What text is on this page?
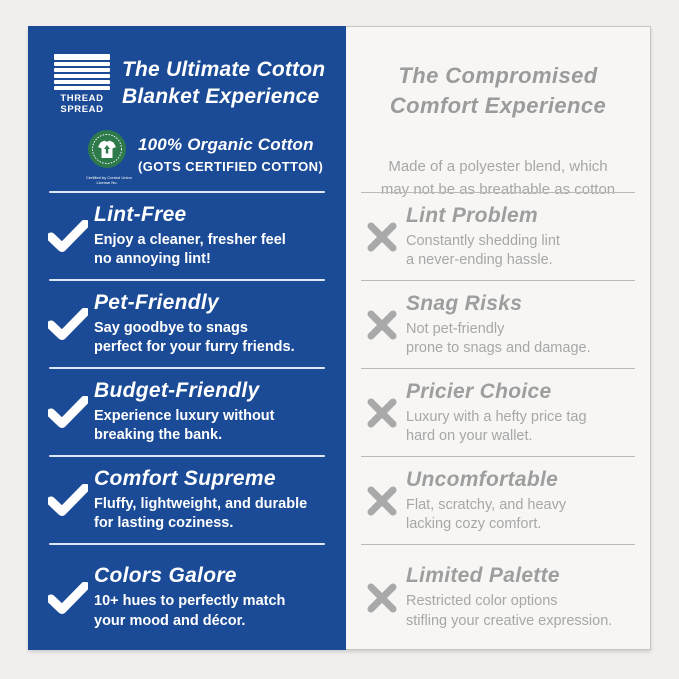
THREAD
SPREAD
The Ultimate Cotton
Blanket Experience
Certified by Control Union
License No.
100% Organic Cotton
(GOTS CERTIFIED COTTON)
Lint-Free
Enjoy a cleaner, fresher feel
no annoying lint!
Pet-Friendly
Say goodbye to snags
perfect for your furry friends.
Budget-Friendly
Experience luxury without
breaking the bank.
Comfort Supreme
Fluffy, lightweight, and durable
for lasting coziness.
Colors Galore
10+ hues to perfectly match
your mood and décor.
The Compromised
Comfort Experience
Made of a polyester blend, which
may not be as breathable as cotton
Lint Problem
Constantly shedding lint
a never-ending hassle.
Snag Risks
Not pet-friendly
prone to snags and damage.
Pricier Choice
Luxury with a hefty price tag
hard on your wallet.
Uncomfortable
Flat, scratchy, and heavy
lacking cozy comfort.
Limited Palette
Restricted color options
stifling your creative expression.
